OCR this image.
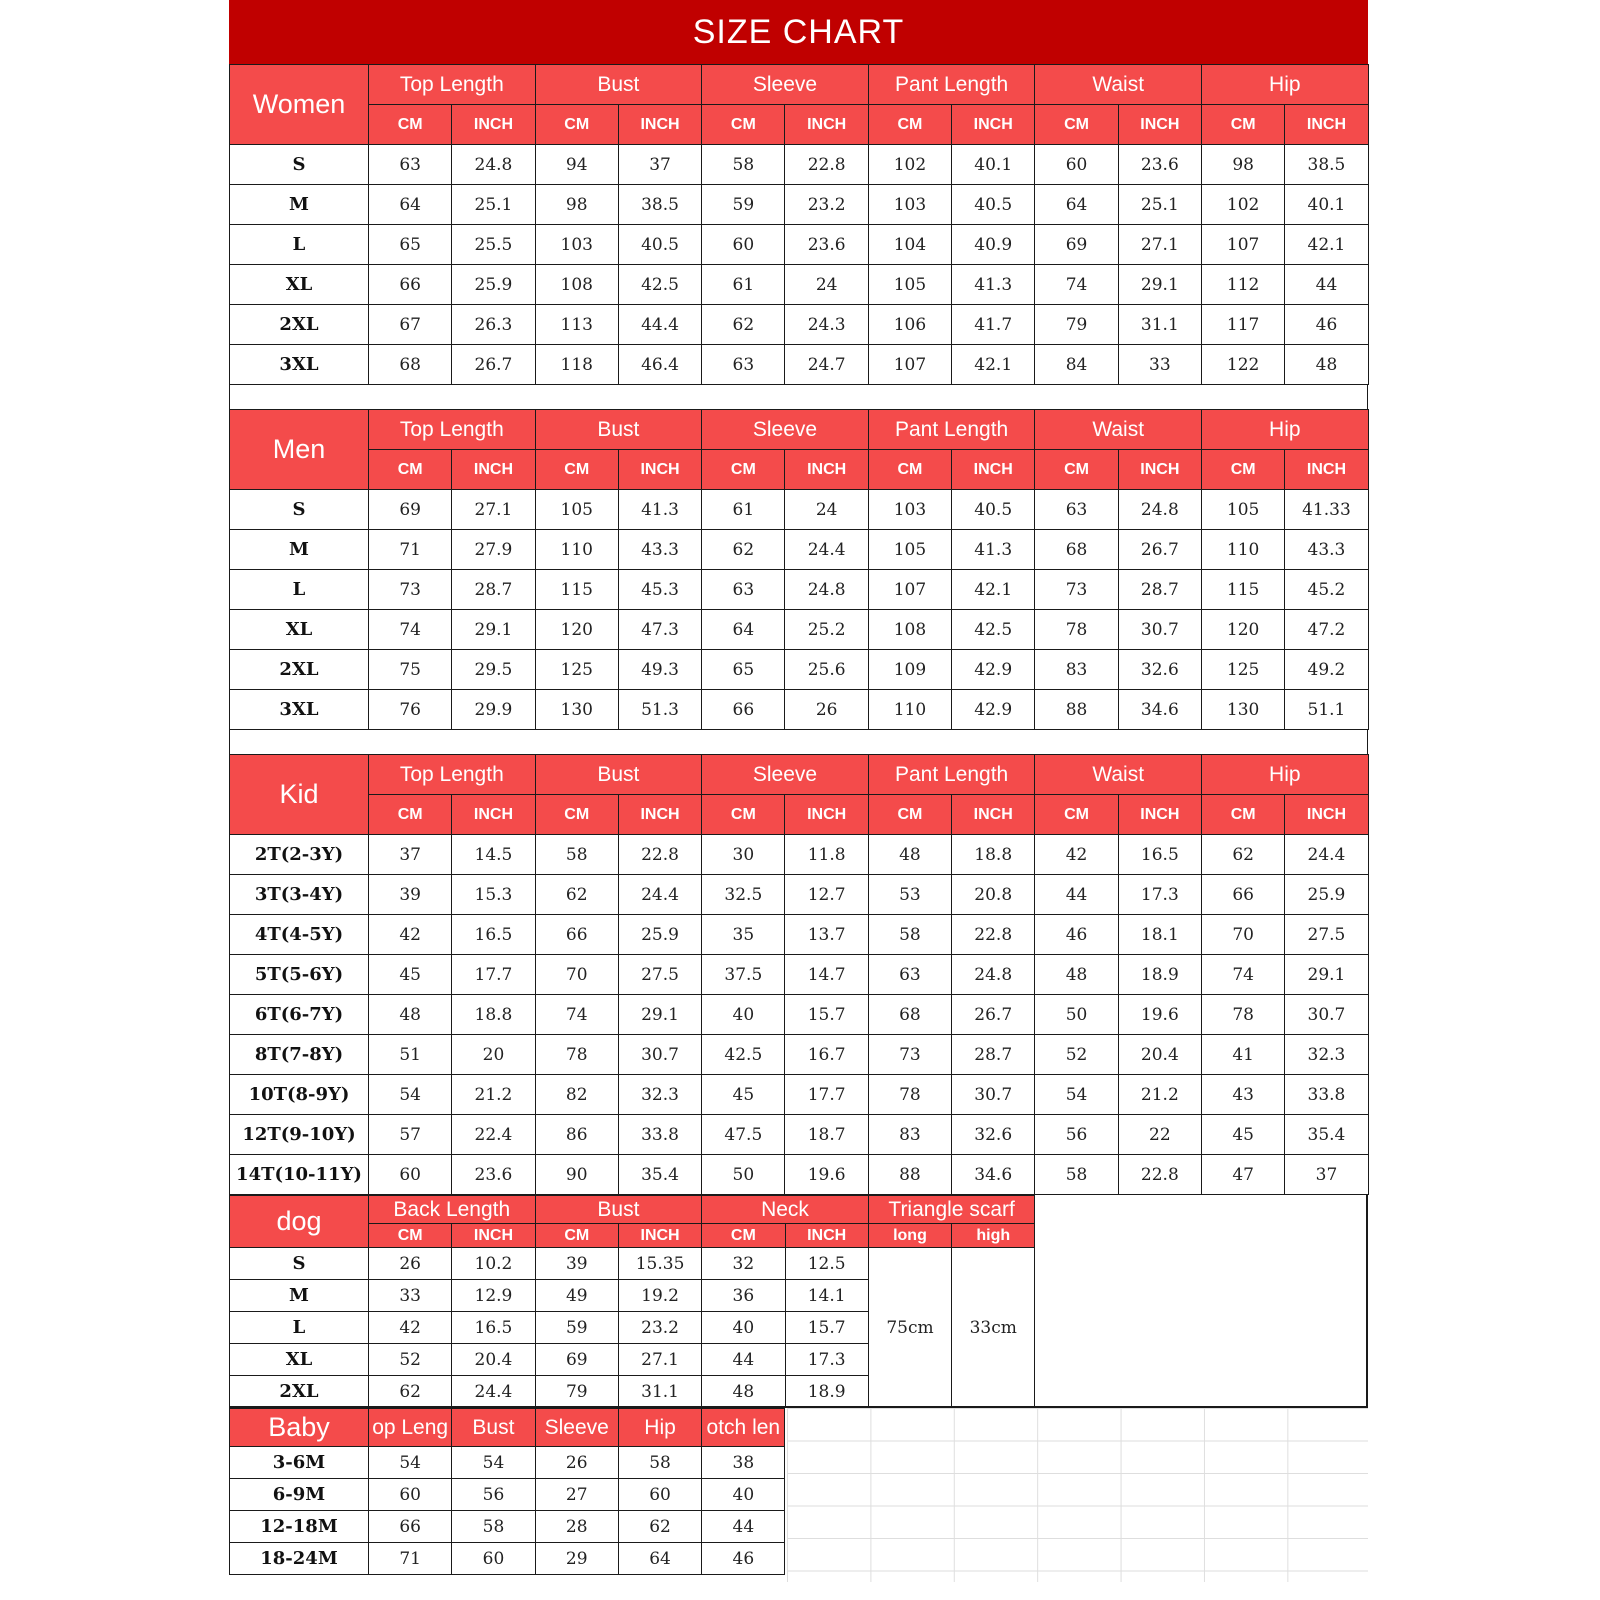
SIZE CHART
Women	Top Length		Bust		Sleeve		Pant Length		Waist		Hip	
	CM	INCH	CM	INCH	CM	INCH	CM	INCH	CM	INCH	CM	INCH
S	63	24.8	94	37	58	22.8	102	40.1	60	23.6	98	38.5
M	64	25.1	98	38.5	59	23.2	103	40.5	64	25.1	102	40.1
L	65	25.5	103	40.5	60	23.6	104	40.9	69	27.1	107	42.1
XL	66	25.9	108	42.5	61	24	105	41.3	74	29.1	112	44
2XL	67	26.3	113	44.4	62	24.3	106	41.7	79	31.1	117	46
3XL	68	26.7	118	46.4	63	24.7	107	42.1	84	33	122	48
Men	Top Length		Bust		Sleeve		Pant Length		Waist		Hip	
	CM	INCH	CM	INCH	CM	INCH	CM	INCH	CM	INCH	CM	INCH
S	69	27.1	105	41.3	61	24	103	40.5	63	24.8	105	41.33
M	71	27.9	110	43.3	62	24.4	105	41.3	68	26.7	110	43.3
L	73	28.7	115	45.3	63	24.8	107	42.1	73	28.7	115	45.2
XL	74	29.1	120	47.3	64	25.2	108	42.5	78	30.7	120	47.2
2XL	75	29.5	125	49.3	65	25.6	109	42.9	83	32.6	125	49.2
3XL	76	29.9	130	51.3	66	26	110	42.9	88	34.6	130	51.1
Kid	Top Length		Bust		Sleeve		Pant Length		Waist		Hip	
	CM	INCH	CM	INCH	CM	INCH	CM	INCH	CM	INCH	CM	INCH
2T(2-3Y)	37	14.5	58	22.8	30	11.8	48	18.8	42	16.5	62	24.4
3T(3-4Y)	39	15.3	62	24.4	32.5	12.7	53	20.8	44	17.3	66	25.9
4T(4-5Y)	42	16.5	66	25.9	35	13.7	58	22.8	46	18.1	70	27.5
5T(5-6Y)	45	17.7	70	27.5	37.5	14.7	63	24.8	48	18.9	74	29.1
6T(6-7Y)	48	18.8	74	29.1	40	15.7	68	26.7	50	19.6	78	30.7
8T(7-8Y)	51	20	78	30.7	42.5	16.7	73	28.7	52	20.4	41	32.3
10T(8-9Y)	54	21.2	82	32.3	45	17.7	78	30.7	54	21.2	43	33.8
12T(9-10Y)	57	22.4	86	33.8	47.5	18.7	83	32.6	56	22	45	35.4
14T(10-11Y)	60	23.6	90	35.4	50	19.6	88	34.6	58	22.8	47	37
dog	Back Length		Bust		Neck		Triangle scarf	
	CM	INCH	CM	INCH	CM	INCH	long	high
S	26	10.2	39	15.35	32	12.5	75cm	33cm
M	33	12.9	49	19.2	36	14.1		
L	42	16.5	59	23.2	40	15.7		
XL	52	20.4	69	27.1	44	17.3		
2XL	62	24.4	79	31.1	48	18.9		
Baby	op Leng	Bust	Sleeve	Hip	otch len
3-6M	54	54	26	58	38
6-9M	60	56	27	60	40
12-18M	66	58	28	62	44
18-24M	71	60	29	64	46
